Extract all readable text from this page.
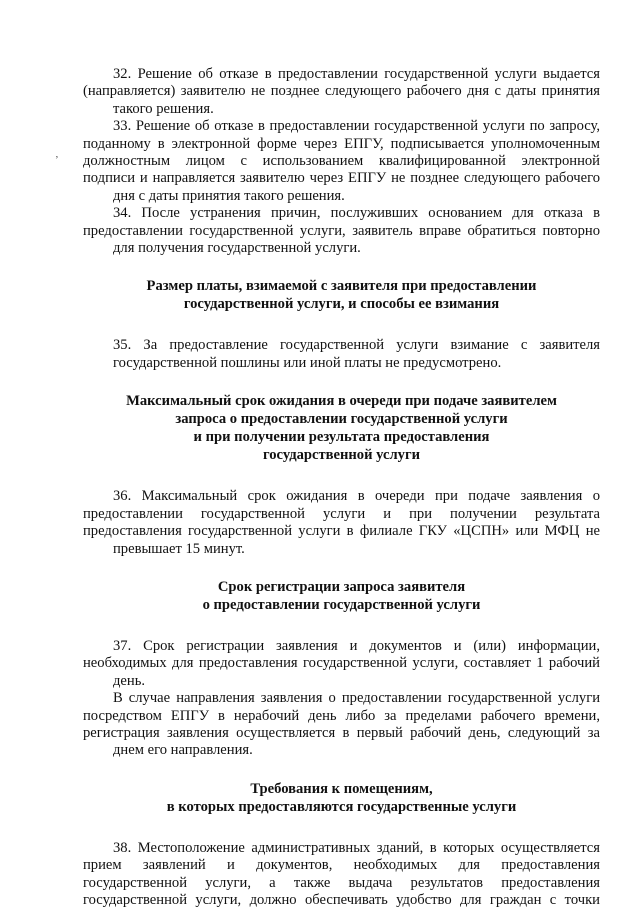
‚

32. Решение об отказе в предоставлении государственной услуги выдается
(направляется) заявителю не позднее следующего рабочего дня с даты принятия
такого решения.

33. Решение об отказе в предоставлении государственной услуги по запросу,
поданному в электронной форме через ЕПГУ, подписывается уполномоченным
должностным лицом с использованием квалифицированной электронной
подписи и направляется заявителю через ЕПГУ не позднее следующего рабочего
дня с даты принятия такого решения.

34. После устранения причин, послуживших основанием для отказа в
предоставлении государственной услуги, заявитель вправе обратиться повторно
для получения государственной услуги.

Размер платы, взимаемой с заявителя при предоставлении
государственной услуги, и способы ее взимания

35. За предоставление государственной услуги взимание с заявителя
государственной пошлины или иной платы не предусмотрено.

Максимальный срок ожидания в очереди при подаче заявителем
запроса о предоставлении государственной услуги
и при получении результата предоставления
государственной услуги

36. Максимальный срок ожидания в очереди при подаче заявления о
предоставлении государственной услуги и при получении результата
предоставления государственной услуги в филиале ГКУ «ЦСПН» или МФЦ не
превышает 15 минут.

Срок регистрации запроса заявителя
о предоставлении государственной услуги

37. Срок регистрации заявления и документов и (или) информации,
необходимых для предоставления государственной услуги, составляет 1 рабочий
день.

В случае направления заявления о предоставлении государственной услуги
посредством ЕПГУ в нерабочий день либо за пределами рабочего времени,
регистрация заявления осуществляется в первый рабочий день, следующий за
днем его направления.

Требования к помещениям,
в которых предоставляются государственные услуги

38. Местоположение административных зданий, в которых осуществляется
прием заявлений и документов, необходимых для предоставления
государственной услуги, а также выдача результатов предоставления
государственной услуги, должно обеспечивать удобство для граждан с точки
